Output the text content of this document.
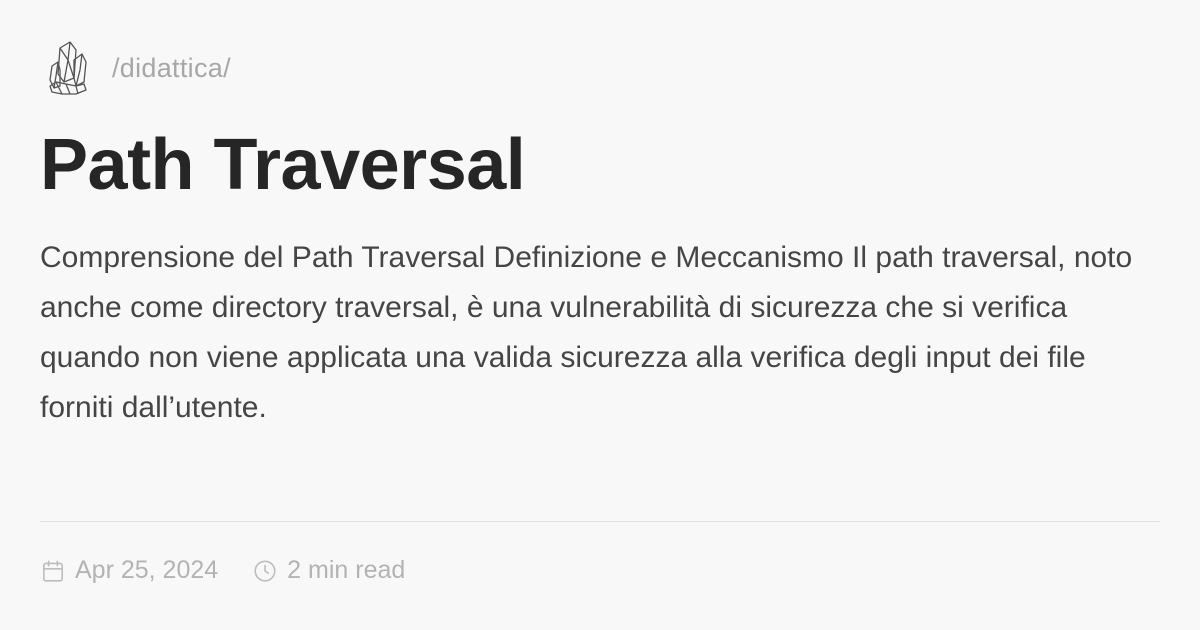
/didattica/
Path Traversal

Comprensione del Path Traversal Definizione e Meccanismo Il path traversal, noto anche come directory traversal, è una vulnerabilità di sicurezza che si verifica quando non viene applicata una valida sicurezza alla verifica degli input dei file forniti dall’utente.

Apr 25, 2024	2 min read
